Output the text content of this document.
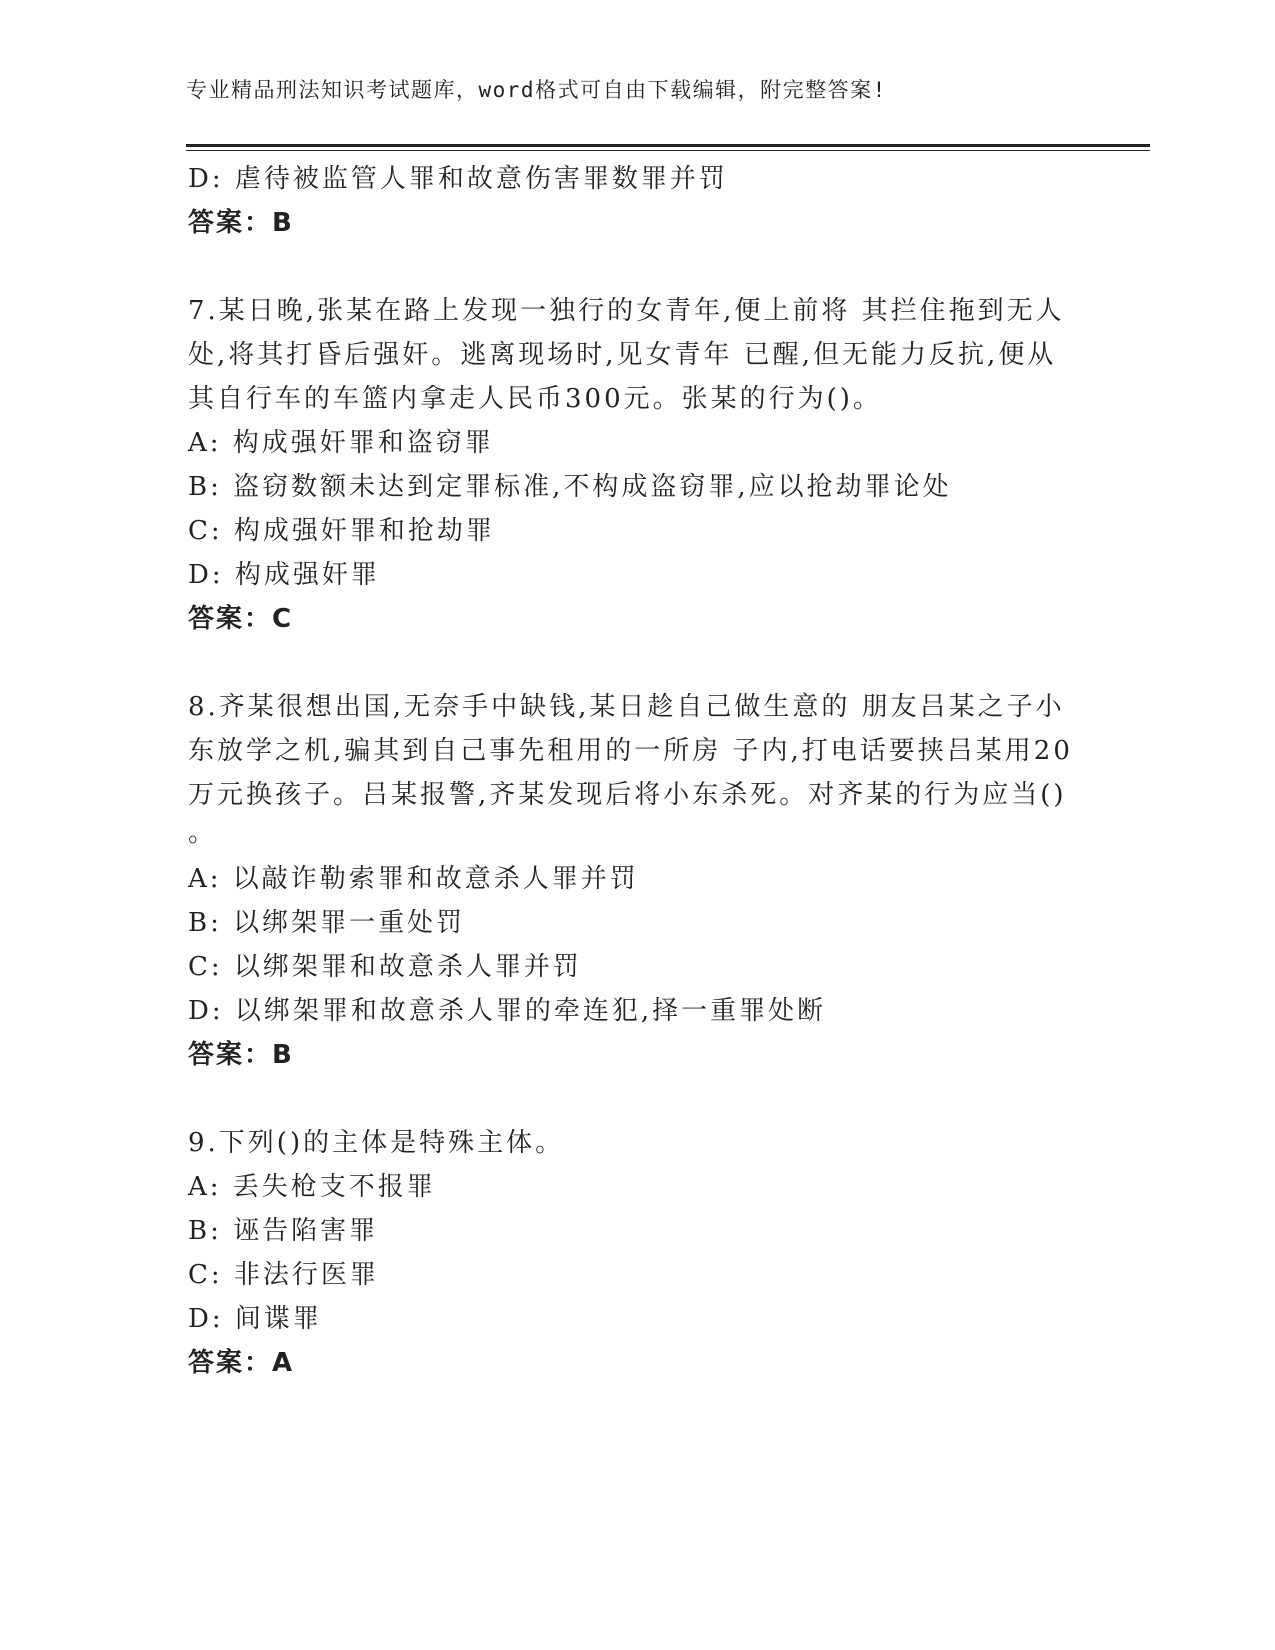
专业精品刑法知识考试题库，word格式可自由下载编辑，附完整答案!
D: 虐待被监管人罪和故意伤害罪数罪并罚
答案：B
7.某日晚,张某在路上发现一独行的女青年,便上前将 其拦住拖到无人
处,将其打昏后强奸。逃离现场时,见女青年 已醒,但无能力反抗,便从
其自行车的车篮内拿走人民币300元。张某的行为()。
A: 构成强奸罪和盗窃罪
B: 盗窃数额未达到定罪标准,不构成盗窃罪,应以抢劫罪论处
C: 构成强奸罪和抢劫罪
D: 构成强奸罪
答案：C
8.齐某很想出国,无奈手中缺钱,某日趁自己做生意的 朋友吕某之子小
东放学之机,骗其到自己事先租用的一所房 子内,打电话要挟吕某用20
万元换孩子。吕某报警,齐某发现后将小东杀死。对齐某的行为应当()
。
A: 以敲诈勒索罪和故意杀人罪并罚
B: 以绑架罪一重处罚
C: 以绑架罪和故意杀人罪并罚
D: 以绑架罪和故意杀人罪的牵连犯,择一重罪处断
答案：B
9.下列()的主体是特殊主体。
A: 丢失枪支不报罪
B: 诬告陷害罪
C: 非法行医罪
D: 间谍罪
答案：A
